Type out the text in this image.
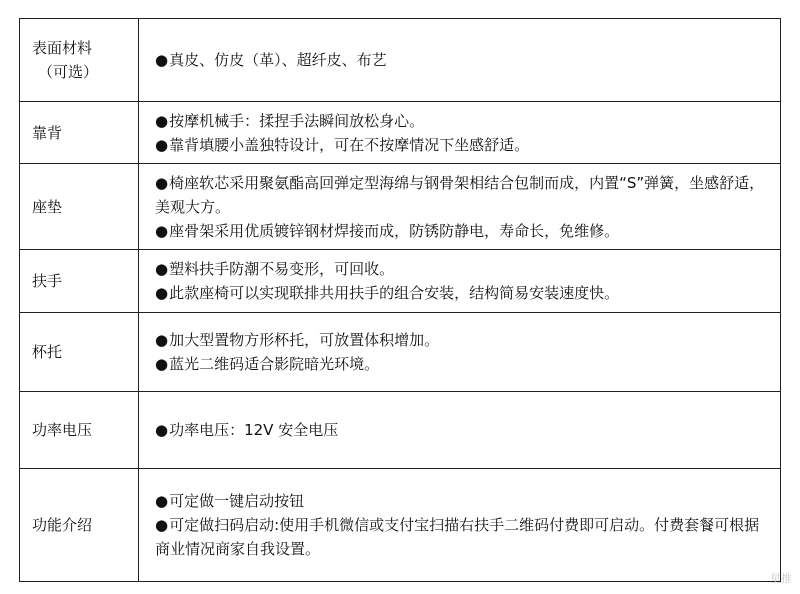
表面材料
（可选）	● 真皮、仿皮（革）、超纤皮、布艺

靠背	● 按摩机械手：揉捏手法瞬间放松身心。
● 靠背填腰小盖独特设计，可在不按摩情况下坐感舒适。

座垫	● 椅座软芯采用聚氨酯高回弹定型海绵与钢骨架相结合包制而成，内置“S”弹簧，坐感舒适，美观大方。
● 座骨架采用优质镀锌钢材焊接而成，防锈防静电，寿命长，免维修。

扶手	● 塑料扶手防潮不易变形，可回收。
● 此款座椅可以实现联排共用扶手的组合安装，结构简易安装速度快。

杯托	● 加大型置物方形杯托，可放置体积增加。
● 蓝光二维码适合影院暗光环境。

功率电压	● 功率电压：12V 安全电压

功能介绍	● 可定做一键启动按钮
● 可定做扫码启动:使用手机微信或支付宝扫描右扶手二维码付费即可启动。付费套餐可根据商业情况商家自我设置。
星推
